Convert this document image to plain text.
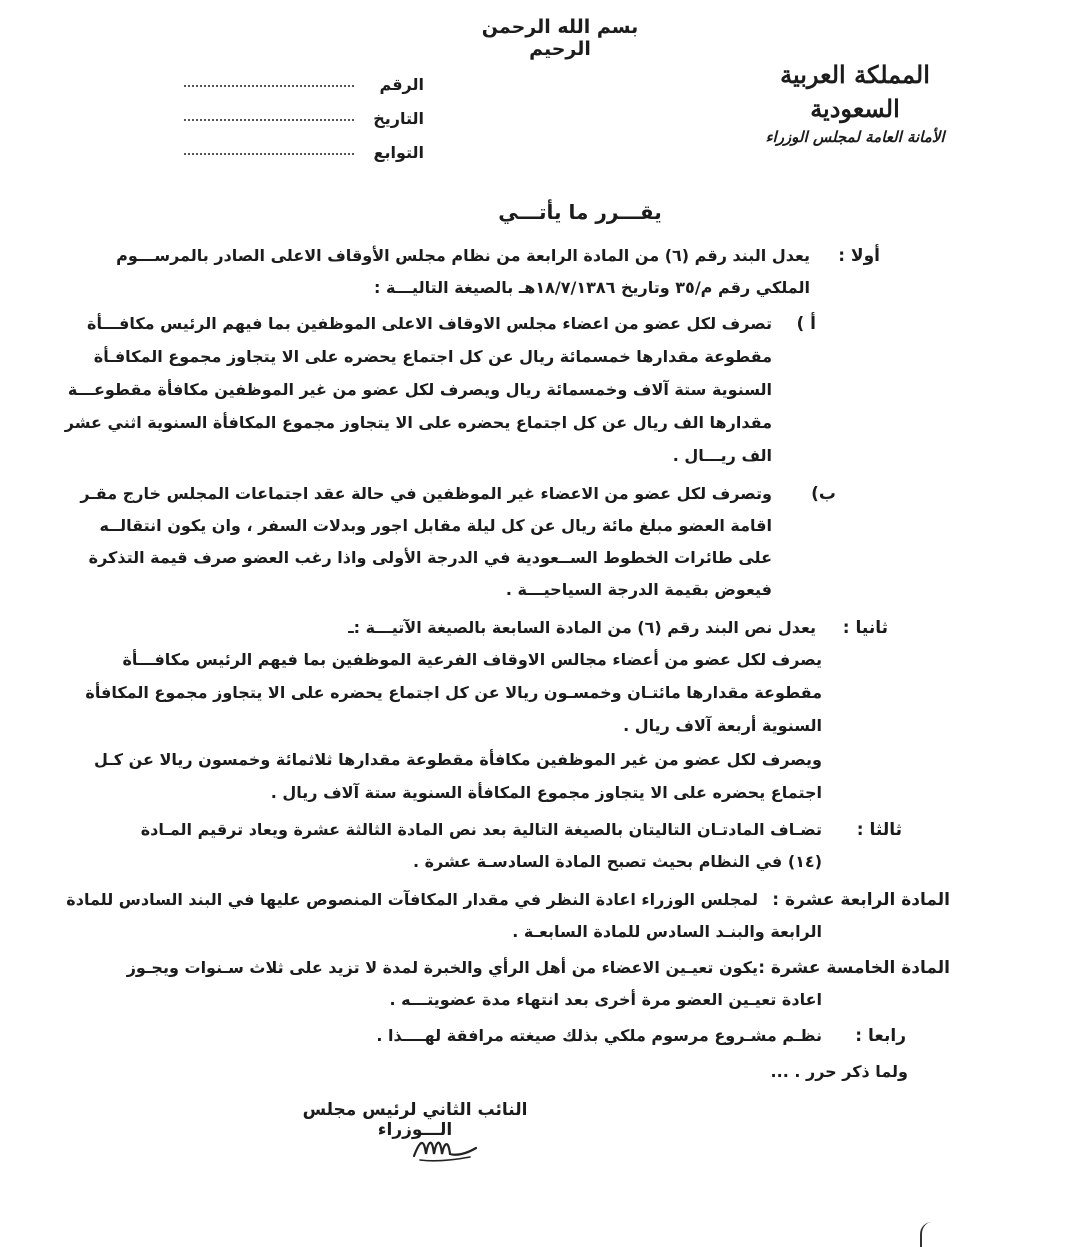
بسم الله الرحمن الرحيم
المملكة العربية السعودية
الأمانة العامة لمجلس الوزراء
الرقم
التاريخ
التوابع
يقـــرر ما يأتـــي
أولا :
يعدل البند رقم (٦) من المادة الرابعة من نظام مجلس الأوقاف الاعلى الصادر بالمرســـوم
الملكي رقم م/٣٥ وتاريخ ١٨/٧/١٣٨٦هـ بالصيغة التاليـــة :
أ )
تصرف لكل عضو من اعضاء مجلس الاوقاف الاعلى الموظفين بما فيهم الرئيس مكافـــأة
مقطوعة مقدارها خمسمائة ريال عن كل اجتماع يحضره على الا يتجاوز مجموع المكافـأة
السنوية ستة آلاف وخمسمائة ريال ويصرف لكل عضو من غير الموظفين مكافأة مقطوعـــة
مقدارها الف ريال عن كل اجتماع يحضره على الا يتجاوز مجموع المكافأة السنوية اثني عشر
الف ريـــال .
ب)
وتصرف لكل عضو من الاعضاء غير الموظفين في حالة عقد اجتماعات المجلس خارج مقـر
اقامة العضو مبلغ مائة ريال عن كل ليلة مقابل اجور وبدلات السفر ، وان يكون انتقالــه
على طائرات الخطوط الســعودية في الدرجة الأولى واذا رغب العضو صرف قيمة التذكرة
فيعوض بقيمة الدرجة السياحيـــة .
ثانيا :
يعدل نص البند رقم (٦) من المادة السابعة بالصيغة الآتيـــة :ـ
يصرف لكل عضو من أعضاء مجالس الاوقاف الفرعية الموظفين بما فيهم الرئيس مكافـــأة
مقطوعة مقدارها مائتـان وخمسـون ريالا عن كل اجتماع يحضره على الا يتجاوز مجموع المكافأة
السنوية أربعة آلاف ريال .
ويصرف لكل عضو من غير الموظفين مكافأة مقطوعة مقدارها ثلاثمائة وخمسون ريالا عن كـل
اجتماع يحضره على الا يتجاوز مجموع المكافأة السنوية ستة آلاف ريال .
ثالثا :
تضـاف المادتـان التاليتان بالصيغة التالية بعد نص المادة الثالثة عشرة ويعاد ترقيم المـادة
(١٤) في النظام بحيث تصبح المادة السادسـة عشرة .
المادة الرابعة عشرة :
لمجلس الوزراء اعادة النظر في مقدار المكافآت المنصوص عليها في البند السادس للمادة
الرابعة والبنـد السادس للمادة السابعـة .
المادة الخامسة عشرة :
يكون تعيـين الاعضاء من أهل الرأي والخبرة لمدة لا تزيد على ثلاث سـنوات ويجـوز
اعادة تعيـين العضو مرة أخرى بعد انتهاء مدة عضويتـــه .
رابعا :
نظـم مشـروع مرسوم ملكي بذلك صيغته مرافقة لهــــذا .
ولما ذكر حرر . ...
النائب الثاني لرئيس مجلس الـــوزراء
